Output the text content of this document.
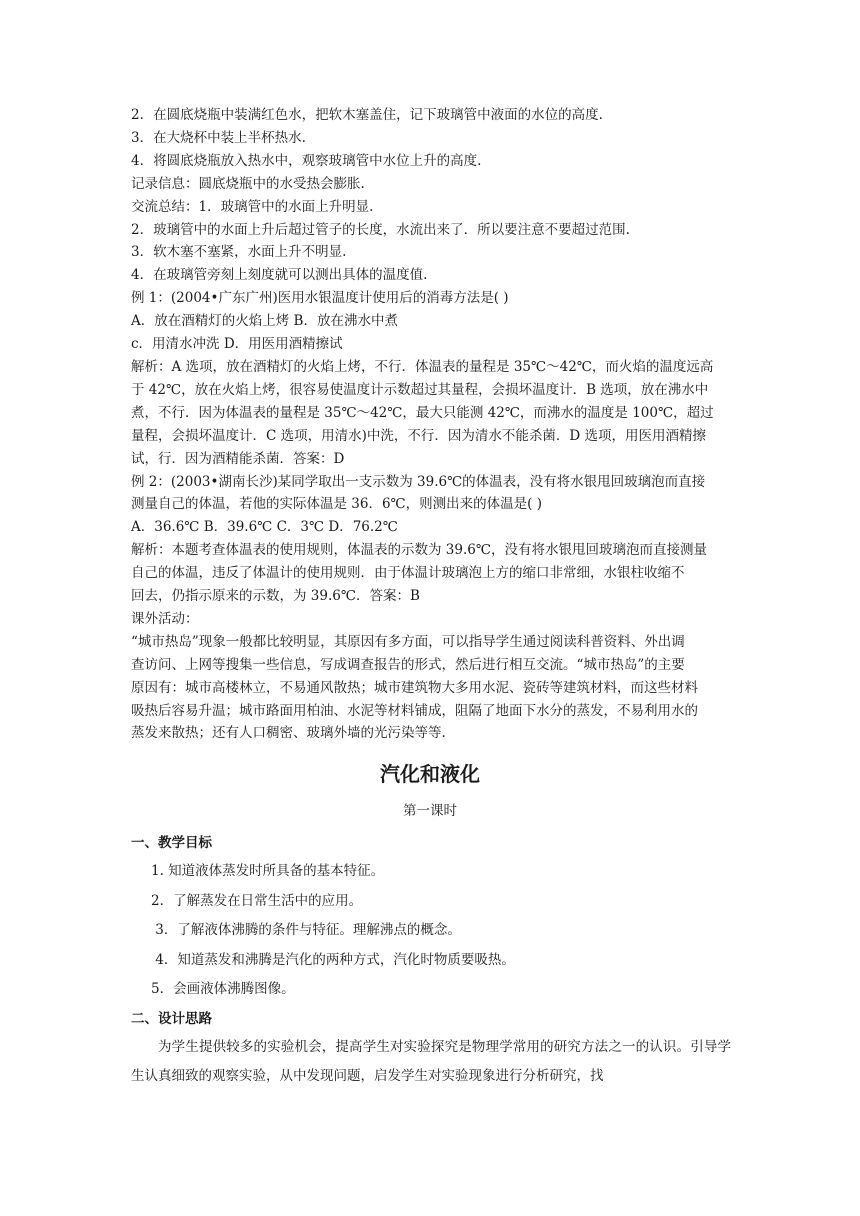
2．在圆底烧瓶中装满红色水，把软木塞盖住，记下玻璃管中液面的水位的高度.
3．在大烧杯中装上半杯热水.
4．将圆底烧瓶放入热水中，观察玻璃管中水位上升的高度.
记录信息：圆底烧瓶中的水受热会膨胀.
交流总结：1．玻璃管中的水面上升明显.
2．玻璃管中的水面上升后超过管子的长度，水流出来了．所以要注意不要超过范围.
3．软木塞不塞紧，水面上升不明显.
4．在玻璃管旁刻上刻度就可以测出具体的温度值.
例 1：(2004•广东广州)医用水银温度计使用后的消毒方法是( )
A．放在酒精灯的火焰上烤 B．放在沸水中煮
c．用清水冲洗 D．用医用酒精擦试
解析：A 选项，放在酒精灯的火焰上烤，不行．体温表的量程是 35℃～42℃，而火焰的温度远高
于 42℃，放在火焰上烤，很容易使温度计示数超过其量程，会损坏温度计．B 选项，放在沸水中
煮，不行．因为体温表的量程是 35℃～42℃，最大只能测 42℃，而沸水的温度是 100℃，超过
量程，会损坏温度计．C 选项，用清水)中洗，不行．因为清水不能杀菌．D 选项，用医用酒精擦
试，行．因为酒精能杀菌．答案：D
例 2：(2003•湖南长沙)某同学取出一支示数为 39.6℃的体温表，没有将水银甩回玻璃泡而直接
测量自己的体温，若他的实际体温是 36．6℃，则测出来的体温是( )
A．36.6℃ B．39.6℃ C．3℃ D．76.2℃
解析：本题考查体温表的使用规则，体温表的示数为 39.6℃，没有将水银甩回玻璃泡而直接测量
自己的体温，违反了体温计的使用规则．由于体温计玻璃泡上方的缩口非常细，水银柱收缩不
回去，仍指示原来的示数，为 39.6℃．答案：B
课外活动：
“城市热岛”现象一般都比较明显，其原因有多方面，可以指导学生通过阅读科普资料、外出调
查访问、上网等搜集一些信息，写成调查报告的形式，然后进行相互交流。“城市热岛”的主要
原因有：城市高楼林立，不易通风散热；城市建筑物大多用水泥、瓷砖等建筑材料，而这些材料
吸热后容易升温；城市路面用柏油、水泥等材料铺成，阻隔了地面下水分的蒸发，不易利用水的
蒸发来散热；还有人口稠密、玻璃外墙的光污染等等.
汽化和液化
第一课时
一、教学目标
1. 知道液体蒸发时所具备的基本特征。
2．了解蒸发在日常生活中的应用。
3．了解液体沸腾的条件与特征。理解沸点的概念。
4．知道蒸发和沸腾是汽化的两种方式，汽化时物质要吸热。
5．会画液体沸腾图像。
二、设计思路
为学生提供较多的实验机会，提高学生对实验探究是物理学常用的研究方法之一的认识。引导学生认真细致的观察实验，从中发现问题，启发学生对实验现象进行分析研究，找
